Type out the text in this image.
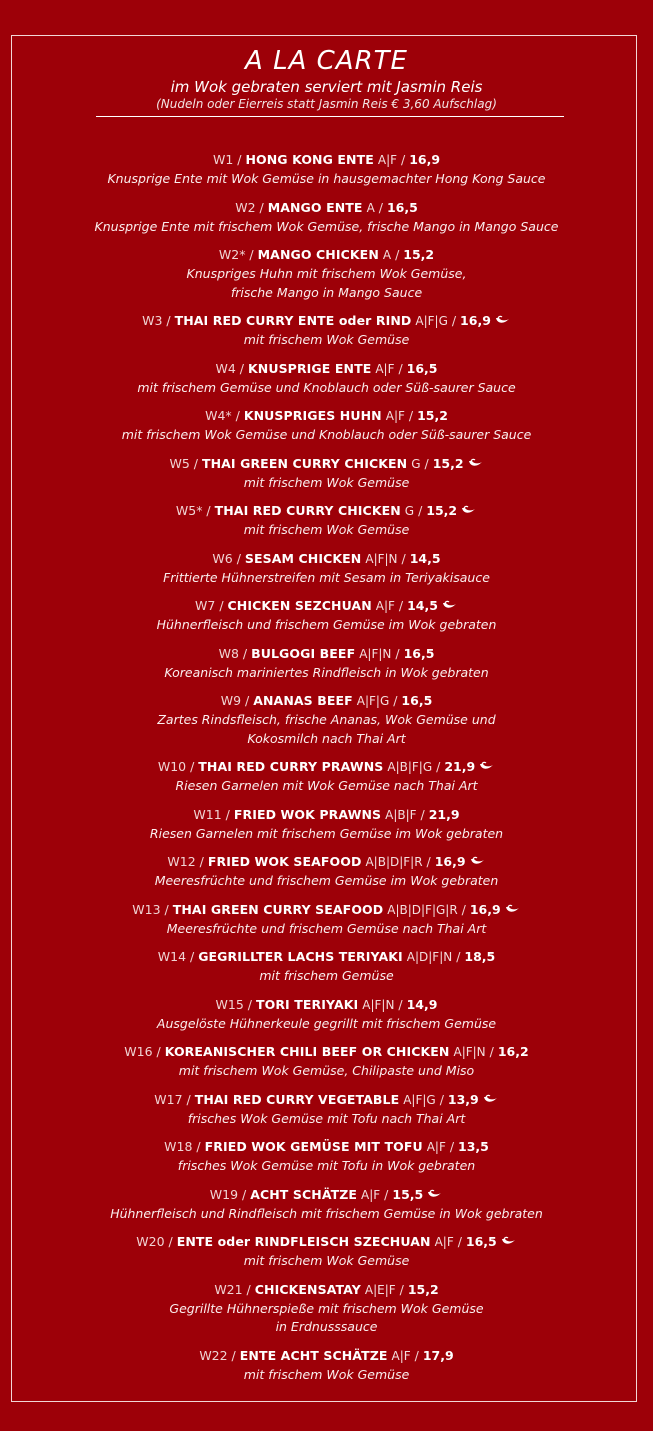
A LA CARTE
im Wok gebraten serviert mit Jasmin Reis
(Nudeln oder Eierreis statt Jasmin Reis € 3,60 Aufschlag)
W1 / HONG KONG ENTE A|F / 16,9
Knusprige Ente mit Wok Gemüse in hausgemachter Hong Kong Sauce
W2 / MANGO ENTE A / 16,5
Knusprige Ente mit frischem Wok Gemüse, frische Mango in Mango Sauce
W2* / MANGO CHICKEN A / 15,2
Knuspriges Huhn mit frischem Wok Gemüse,
frische Mango in Mango Sauce
W3 / THAI RED CURRY ENTE oder RIND A|F|G / 16,9
mit frischem Wok Gemüse
W4 / KNUSPRIGE ENTE A|F / 16,5
mit frischem Gemüse und Knoblauch oder Süß-saurer Sauce
W4* / KNUSPRIGES HUHN A|F / 15,2
mit frischem Wok Gemüse und Knoblauch oder Süß-saurer Sauce
W5 / THAI GREEN CURRY CHICKEN G / 15,2
mit frischem Wok Gemüse
W5* / THAI RED CURRY CHICKEN G / 15,2
mit frischem Wok Gemüse
W6 / SESAM CHICKEN A|F|N / 14,5
Frittierte Hühnerstreifen mit Sesam in Teriyakisauce
W7 / CHICKEN SEZCHUAN A|F / 14,5
Hühnerfleisch und frischem Gemüse im Wok gebraten
W8 / BULGOGI BEEF A|F|N / 16,5
Koreanisch mariniertes Rindfleisch in Wok gebraten
W9 / ANANAS BEEF A|F|G / 16,5
Zartes Rindsfleisch, frische Ananas, Wok Gemüse und
Kokosmilch nach Thai Art
W10 / THAI RED CURRY PRAWNS A|B|F|G / 21,9
Riesen Garnelen mit Wok Gemüse nach Thai Art
W11 / FRIED WOK PRAWNS A|B|F / 21,9
Riesen Garnelen mit frischem Gemüse im Wok gebraten
W12 / FRIED WOK SEAFOOD A|B|D|F|R / 16,9
Meeresfrüchte und frischem Gemüse im Wok gebraten
W13 / THAI GREEN CURRY SEAFOOD A|B|D|F|G|R / 16,9
Meeresfrüchte und frischem Gemüse nach Thai Art
W14 / GEGRILLTER LACHS TERIYAKI A|D|F|N / 18,5
mit frischem Gemüse
W15 / TORI TERIYAKI A|F|N / 14,9
Ausgelöste Hühnerkeule gegrillt mit frischem Gemüse
W16 / KOREANISCHER CHILI BEEF OR CHICKEN A|F|N / 16,2
mit frischem Wok Gemüse, Chilipaste und Miso
W17 / THAI RED CURRY VEGETABLE A|F|G / 13,9
frisches Wok Gemüse mit Tofu nach Thai Art
W18 / FRIED WOK GEMÜSE MIT TOFU A|F / 13,5
frisches Wok Gemüse mit Tofu in Wok gebraten
W19 / ACHT SCHÄTZE A|F / 15,5
Hühnerfleisch und Rindfleisch mit frischem Gemüse in Wok gebraten
W20 / ENTE oder RINDFLEISCH SZECHUAN A|F / 16,5
mit frischem Wok Gemüse
W21 / CHICKENSATAY A|E|F / 15,2
Gegrillte Hühnerspieße mit frischem Wok Gemüse
in Erdnusssauce
W22 / ENTE ACHT SCHÄTZE A|F / 17,9
mit frischem Wok Gemüse
